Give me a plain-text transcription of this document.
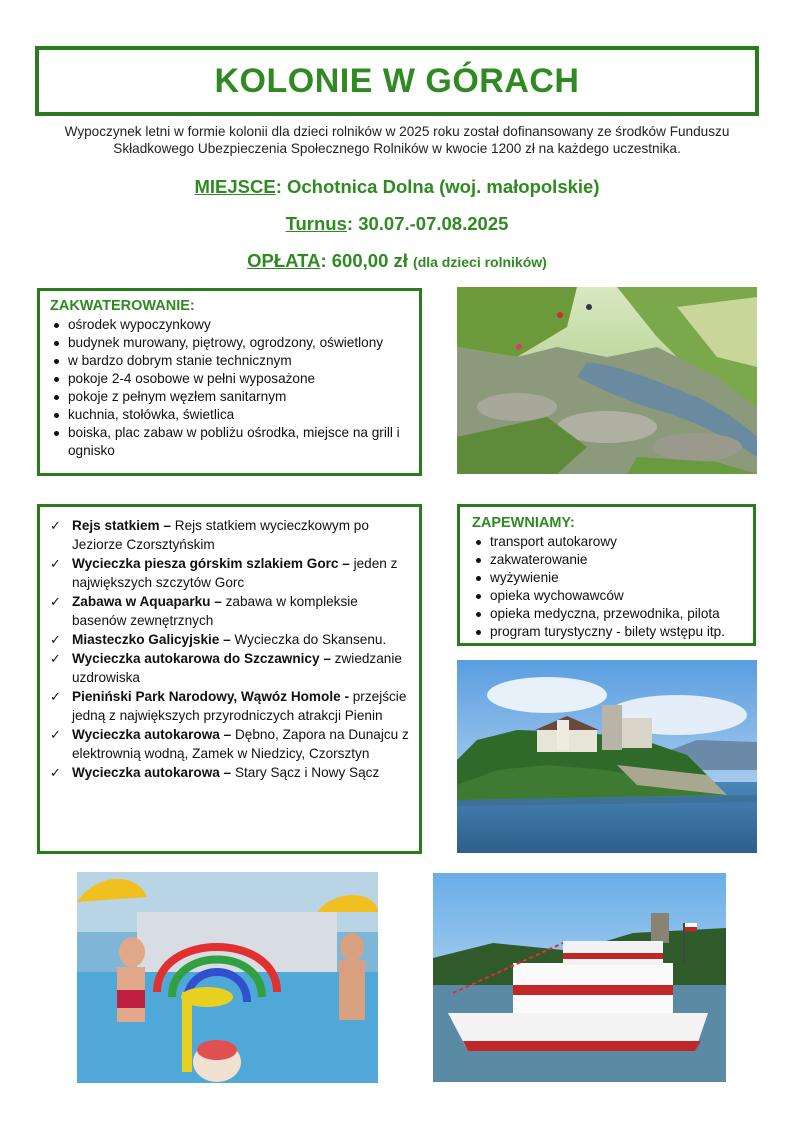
KOLONIE W GÓRACH
Wypoczynek letni w formie kolonii dla dzieci rolników w 2025 roku został dofinansowany ze środków Funduszu Składkowego Ubezpieczenia Społecznego Rolników w kwocie 1200 zł na każdego uczestnika.
MIEJSCE: Ochotnica Dolna (woj. małopolskie)
Turnus: 30.07.-07.08.2025
OPŁATA: 600,00 zł (dla dzieci rolników)
ZAKWATEROWANIE:
ośrodek wypoczynkowy
budynek murowany, piętrowy, ogrodzony, oświetlony
w bardzo dobrym stanie technicznym
pokoje 2-4 osobowe w pełni wyposażone
pokoje z pełnym węzłem sanitarnym
kuchnia, stołówka, świetlica
boiska, plac zabaw w pobliżu ośrodka, miejsce na grill i ognisko
✓ Rejs statkiem – Rejs statkiem wycieczkowym po Jeziorze Czorsztyńskim
✓ Wycieczka piesza górskim szlakiem Gorc – jeden z największych szczytów Gorc
✓ Zabawa w Aquaparku – zabawa w kompleksie basenów zewnętrznych
✓ Miasteczko Galicyjskie – Wycieczka do Skansenu.
✓ Wycieczka autokarowa do Szczawnicy – zwiedzanie uzdrowiska
✓ Pieniński Park Narodowy, Wąwóz Homole - przejście jedną z największych przyrodniczych atrakcji Pienin
✓ Wycieczka autokarowa – Dębno, Zapora na Dunajcu z elektrownią wodną, Zamek w Niedzicy, Czorsztyn
✓ Wycieczka autokarowa – Stary Sącz i Nowy Sącz
ZAPEWNIAMY:
transport autokarowy
zakwaterowanie
wyżywienie
opieka wychowawców
opieka medyczna, przewodnika, pilota
program turystyczny - bilety wstępu itp.
